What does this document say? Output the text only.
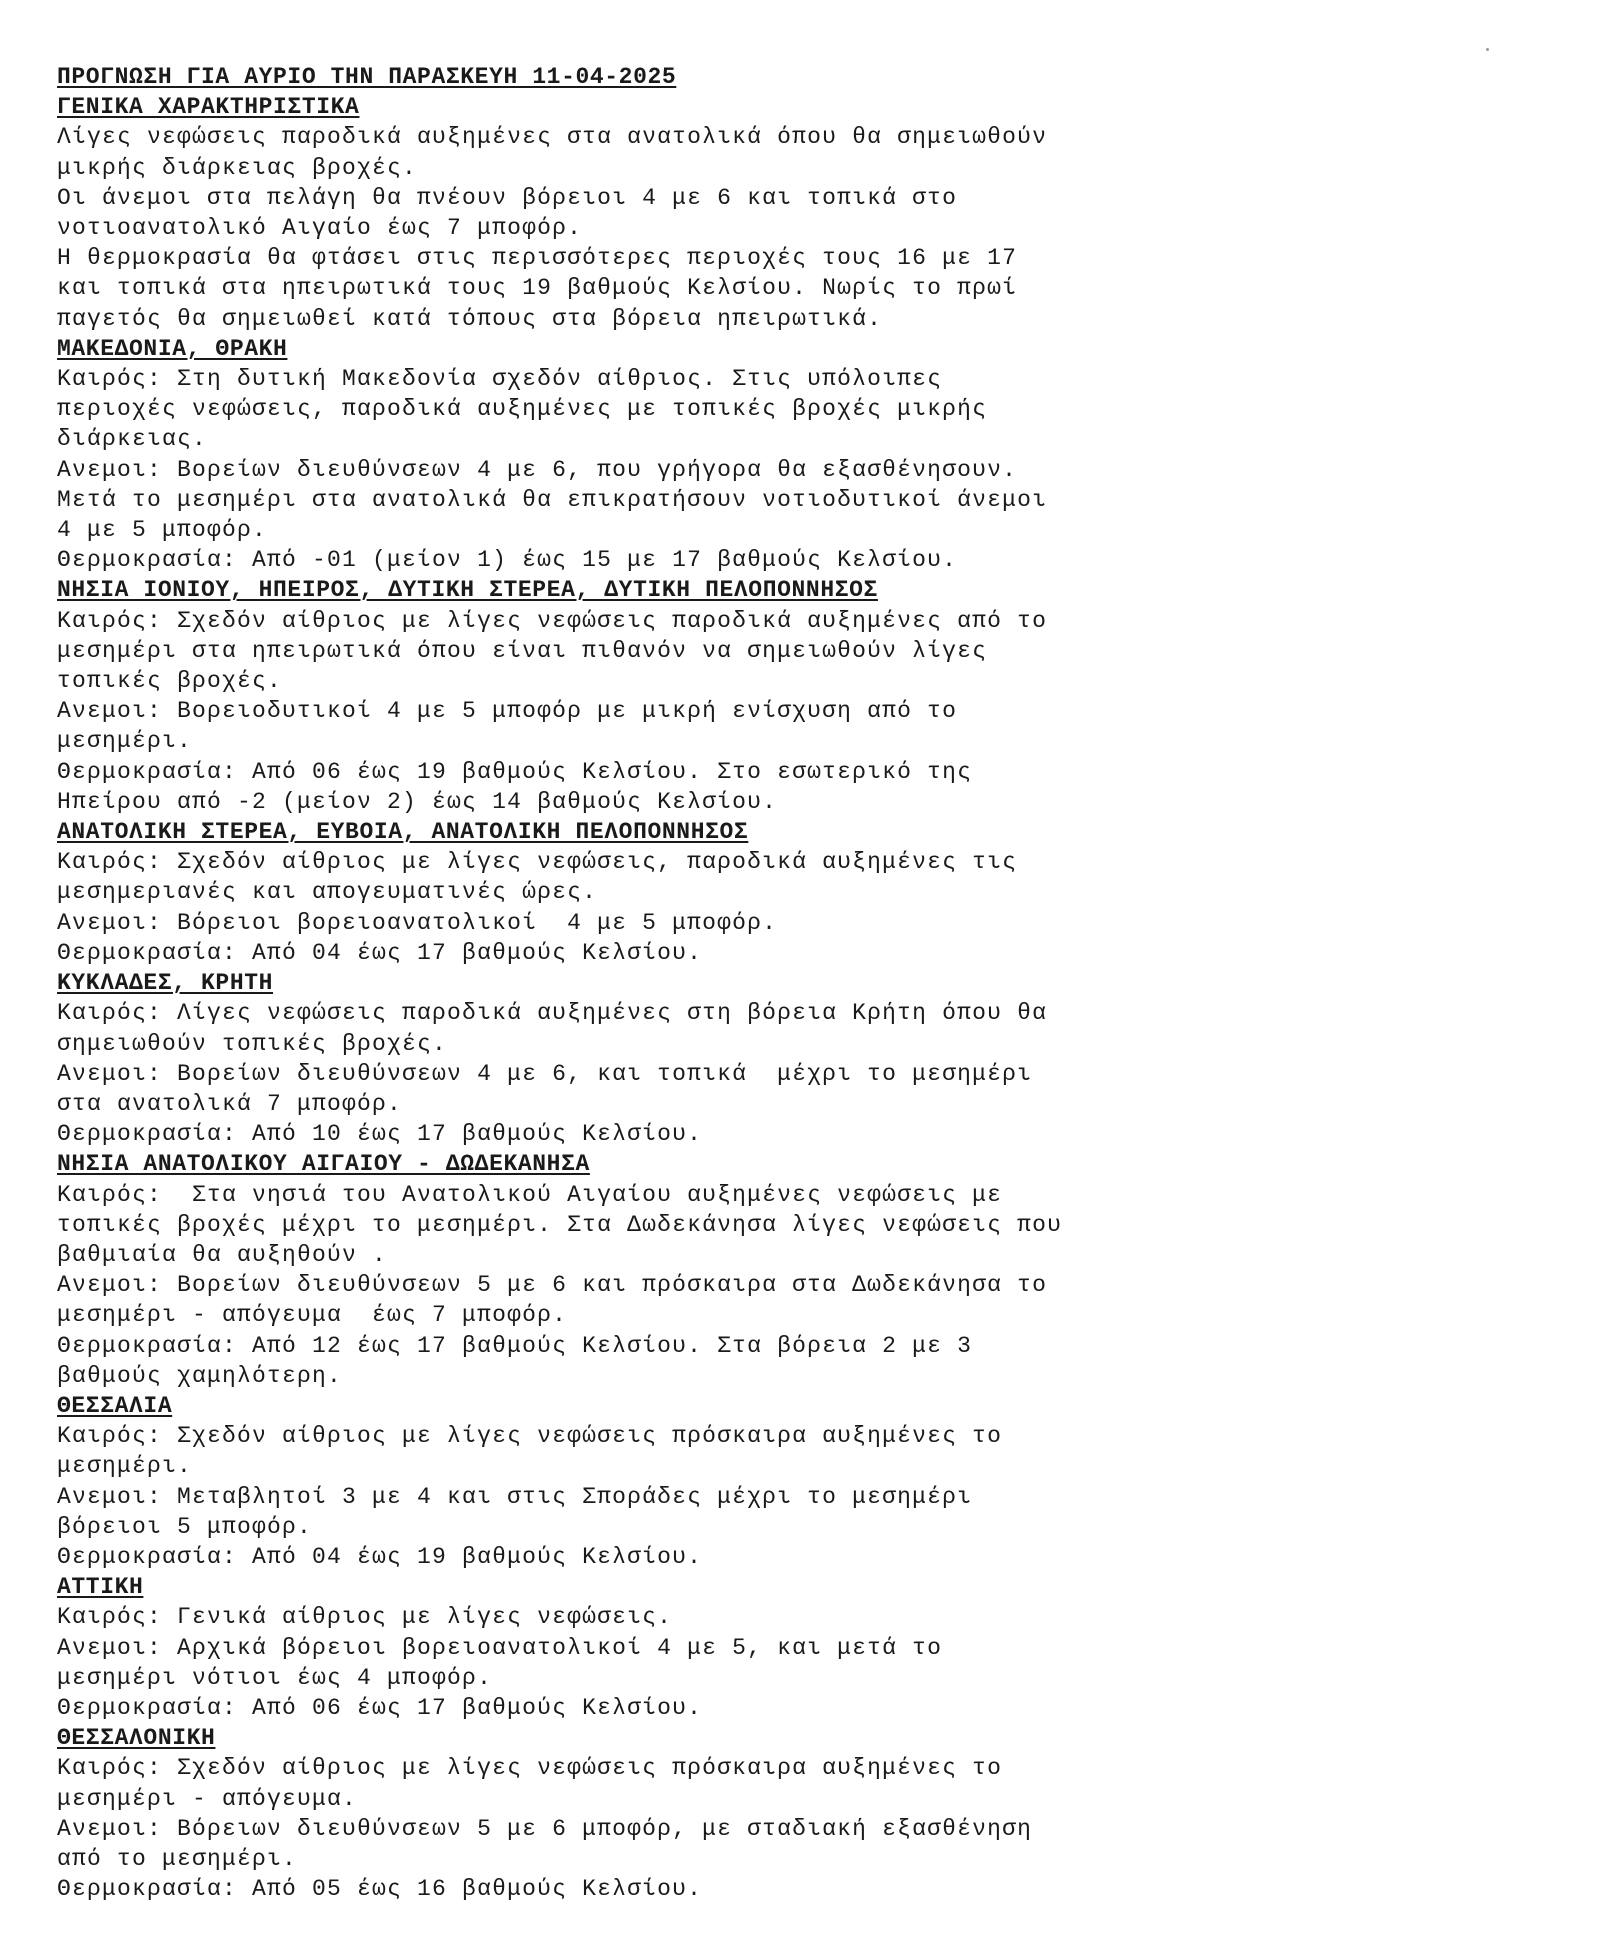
ΠΡΟΓΝΩΣΗ ΓΙΑ ΑΥΡΙΟ ΤΗΝ ΠΑΡΑΣΚΕΥΗ 11-04-2025
ΓΕΝΙΚΑ ΧΑΡΑΚΤΗΡΙΣΤΙΚΑ
Λίγες νεφώσεις παροδικά αυξημένες στα ανατολικά όπου θα σημειωθούν
μικρής διάρκειας βροχές.
Οι άνεμοι στα πελάγη θα πνέουν βόρειοι 4 με 6 και τοπικά στο
νοτιοανατολικό Αιγαίο έως 7 μποφόρ.
Η θερμοκρασία θα φτάσει στις περισσότερες περιοχές τους 16 με 17
και τοπικά στα ηπειρωτικά τους 19 βαθμούς Κελσίου. Νωρίς το πρωί
παγετός θα σημειωθεί κατά τόπους στα βόρεια ηπειρωτικά.
ΜΑΚΕΔΟΝΙΑ, ΘΡΑΚΗ
Καιρός: Στη δυτική Μακεδονία σχεδόν αίθριος. Στις υπόλοιπες
περιοχές νεφώσεις, παροδικά αυξημένες με τοπικές βροχές μικρής
διάρκειας.
Ανεμοι: Βορείων διευθύνσεων 4 με 6, που γρήγορα θα εξασθένησουν.
Μετά το μεσημέρι στα ανατολικά θα επικρατήσουν νοτιοδυτικοί άνεμοι
4 με 5 μποφόρ.
Θερμοκρασία: Από -01 (μείον 1) έως 15 με 17 βαθμούς Κελσίου.
ΝΗΣΙΑ ΙΟΝΙΟΥ, ΗΠΕΙΡΟΣ, ΔΥΤΙΚΗ ΣΤΕΡΕΑ, ΔΥΤΙΚΗ ΠΕΛΟΠΟΝΝΗΣΟΣ
Καιρός: Σχεδόν αίθριος με λίγες νεφώσεις παροδικά αυξημένες από το
μεσημέρι στα ηπειρωτικά όπου είναι πιθανόν να σημειωθούν λίγες
τοπικές βροχές.
Ανεμοι: Βορειοδυτικοί 4 με 5 μποφόρ με μικρή ενίσχυση από το
μεσημέρι.
Θερμοκρασία: Από 06 έως 19 βαθμούς Κελσίου. Στο εσωτερικό της
Ηπείρου από -2 (μείον 2) έως 14 βαθμούς Κελσίου.
ΑΝΑΤΟΛΙΚΗ ΣΤΕΡΕΑ, ΕΥΒΟΙΑ, ΑΝΑΤΟΛΙΚΗ ΠΕΛΟΠΟΝΝΗΣΟΣ
Καιρός: Σχεδόν αίθριος με λίγες νεφώσεις, παροδικά αυξημένες τις
μεσημεριανές και απογευματινές ώρες.
Ανεμοι: Βόρειοι βορειοανατολικοί  4 με 5 μποφόρ.
Θερμοκρασία: Από 04 έως 17 βαθμούς Κελσίου.
ΚΥΚΛΑΔΕΣ, ΚΡΗΤΗ
Καιρός: Λίγες νεφώσεις παροδικά αυξημένες στη βόρεια Κρήτη όπου θα
σημειωθούν τοπικές βροχές.
Ανεμοι: Βορείων διευθύνσεων 4 με 6, και τοπικά  μέχρι το μεσημέρι
στα ανατολικά 7 μποφόρ.
Θερμοκρασία: Από 10 έως 17 βαθμούς Κελσίου.
ΝΗΣΙΑ ΑΝΑΤΟΛΙΚΟΥ ΑΙΓΑΙΟΥ - ΔΩΔΕΚΑΝΗΣΑ
Καιρός:  Στα νησιά του Ανατολικού Αιγαίου αυξημένες νεφώσεις με
τοπικές βροχές μέχρι το μεσημέρι. Στα Δωδεκάνησα λίγες νεφώσεις που
βαθμιαία θα αυξηθούν .
Ανεμοι: Βορείων διευθύνσεων 5 με 6 και πρόσκαιρα στα Δωδεκάνησα το
μεσημέρι - απόγευμα  έως 7 μποφόρ.
Θερμοκρασία: Από 12 έως 17 βαθμούς Κελσίου. Στα βόρεια 2 με 3
βαθμούς χαμηλότερη.
ΘΕΣΣΑΛΙΑ
Καιρός: Σχεδόν αίθριος με λίγες νεφώσεις πρόσκαιρα αυξημένες το
μεσημέρι.
Ανεμοι: Μεταβλητοί 3 με 4 και στις Σποράδες μέχρι το μεσημέρι
βόρειοι 5 μποφόρ.
Θερμοκρασία: Από 04 έως 19 βαθμούς Κελσίου.
ΑΤΤΙΚΗ
Καιρός: Γενικά αίθριος με λίγες νεφώσεις.
Ανεμοι: Αρχικά βόρειοι βορειοανατολικοί 4 με 5, και μετά το
μεσημέρι νότιοι έως 4 μποφόρ.
Θερμοκρασία: Από 06 έως 17 βαθμούς Κελσίου.
ΘΕΣΣΑΛΟΝΙΚΗ
Καιρός: Σχεδόν αίθριος με λίγες νεφώσεις πρόσκαιρα αυξημένες το
μεσημέρι - απόγευμα.
Ανεμοι: Βόρειων διευθύνσεων 5 με 6 μποφόρ, με σταδιακή εξασθένηση
από το μεσημέρι.
Θερμοκρασία: Από 05 έως 16 βαθμούς Κελσίου.
